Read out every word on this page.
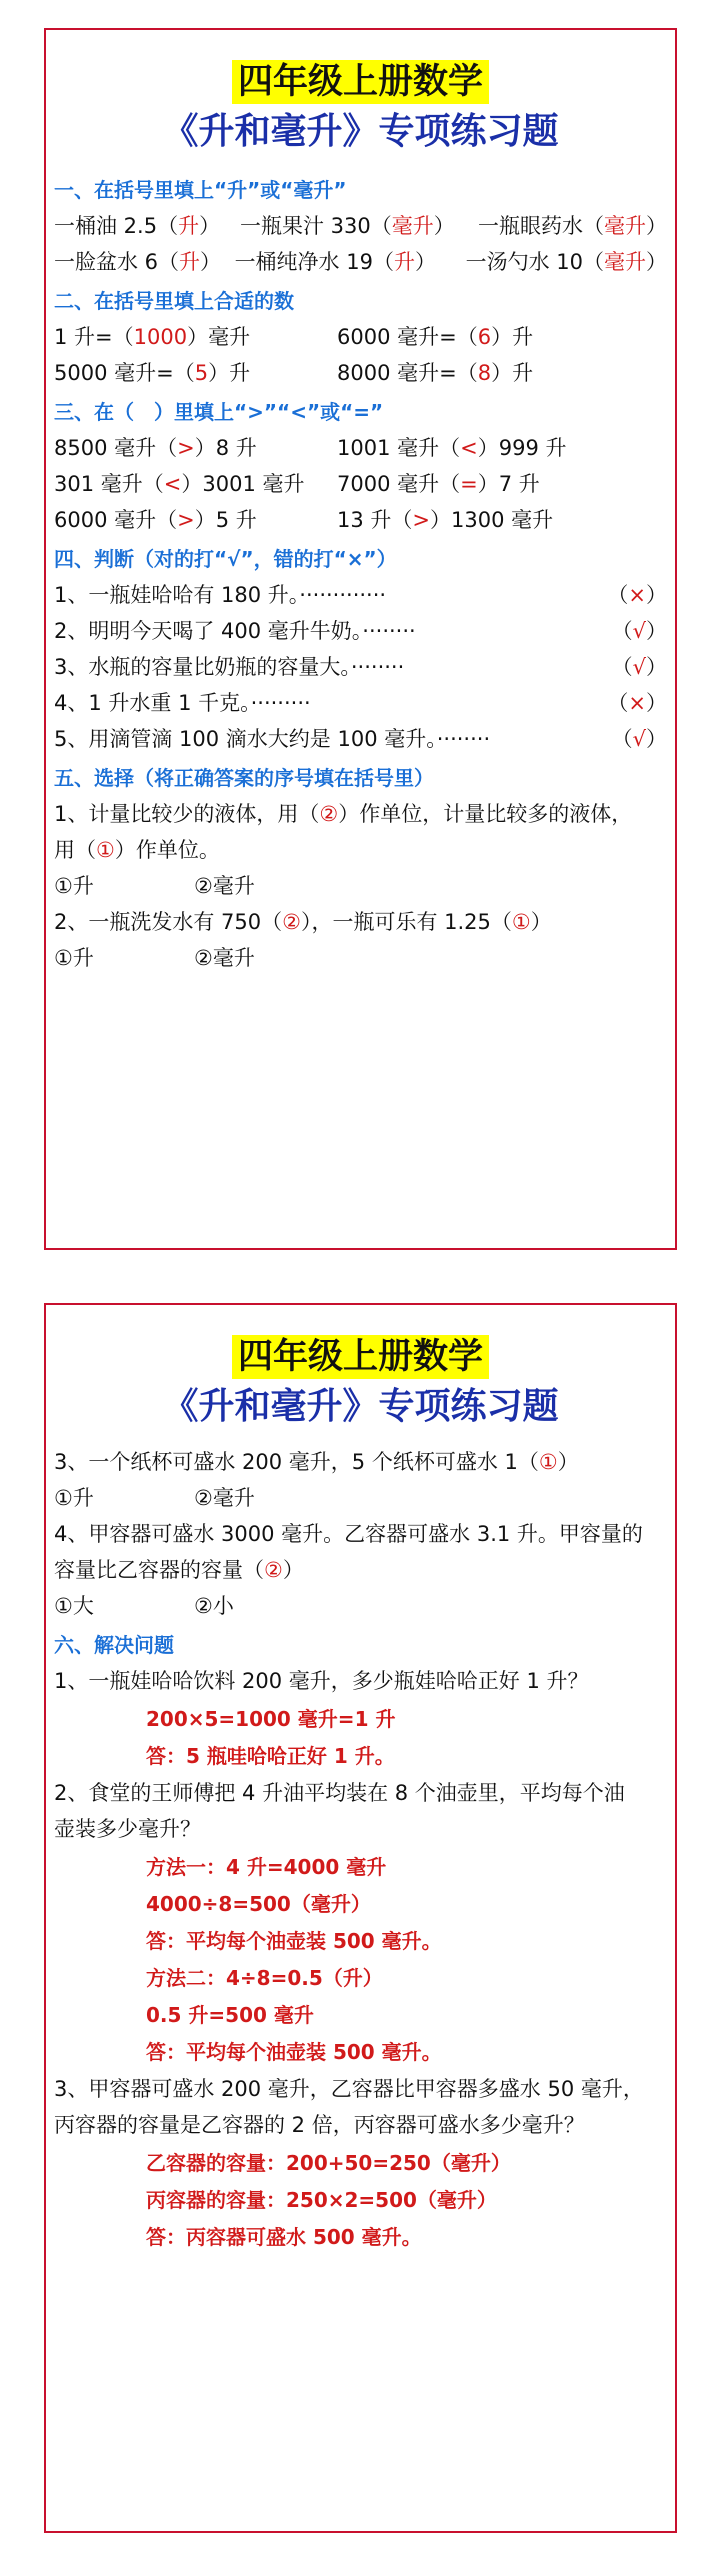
四年级上册数学
《升和毫升》专项练习题
一、在括号里填上“升”或“毫升”
一桶油 2.5（升） 一瓶果汁 330（毫升）	一瓶眼药水（毫升）
一脸盆水 6（升） 一桶纯净水 19（升）	一汤勺水 10（毫升）
二、在括号里填上合适的数
1 升=（1000）毫升	6000 毫升=（6）升
5000 毫升=（5）升	8000 毫升=（8）升
三、在（　）里填上“>”“<”或“=”
8500 毫升（>）8 升	1001 毫升（<）999 升
301 毫升（<）3001 毫升	7000 毫升（=）7 升
6000 毫升（>）5 升	13 升（>）1300 毫升
四、判断（对的打“√”，错的打“×”）
1、一瓶娃哈哈有 180 升。·············	（×）
2、明明今天喝了 400 毫升牛奶。········	（√）
3、水瓶的容量比奶瓶的容量大。········	（√）
4、1 升水重 1 千克。·········	（×）
5、用滴管滴 100 滴水大约是 100 毫升。········	（√）
五、选择（将正确答案的序号填在括号里）
1、计量比较少的液体，用（②）作单位，计量比较多的液体，
用（①）作单位。
①升	②毫升
2、一瓶洗发水有 750（②），一瓶可乐有 1.25（①）
①升	②毫升
四年级上册数学
《升和毫升》专项练习题
3、一个纸杯可盛水 200 毫升，5 个纸杯可盛水 1（①）
①升	②毫升
4、甲容器可盛水 3000 毫升。乙容器可盛水 3.1 升。甲容量的
容量比乙容器的容量（②）
①大	②小
六、解决问题
1、一瓶娃哈哈饮料 200 毫升，多少瓶娃哈哈正好 1 升？
200×5=1000 毫升=1 升
答：5 瓶哇哈哈正好 1 升。
2、食堂的王师傅把 4 升油平均装在 8 个油壶里，平均每个油
壶装多少毫升？
方法一：4 升=4000 毫升
4000÷8=500（毫升）
答：平均每个油壶装 500 毫升。
方法二：4÷8=0.5（升）
0.5 升=500 毫升
答：平均每个油壶装 500 毫升。
3、甲容器可盛水 200 毫升，乙容器比甲容器多盛水 50 毫升，
丙容器的容量是乙容器的 2 倍，丙容器可盛水多少毫升？
乙容器的容量：200+50=250（毫升）
丙容器的容量：250×2=500（毫升）
答：丙容器可盛水 500 毫升。
